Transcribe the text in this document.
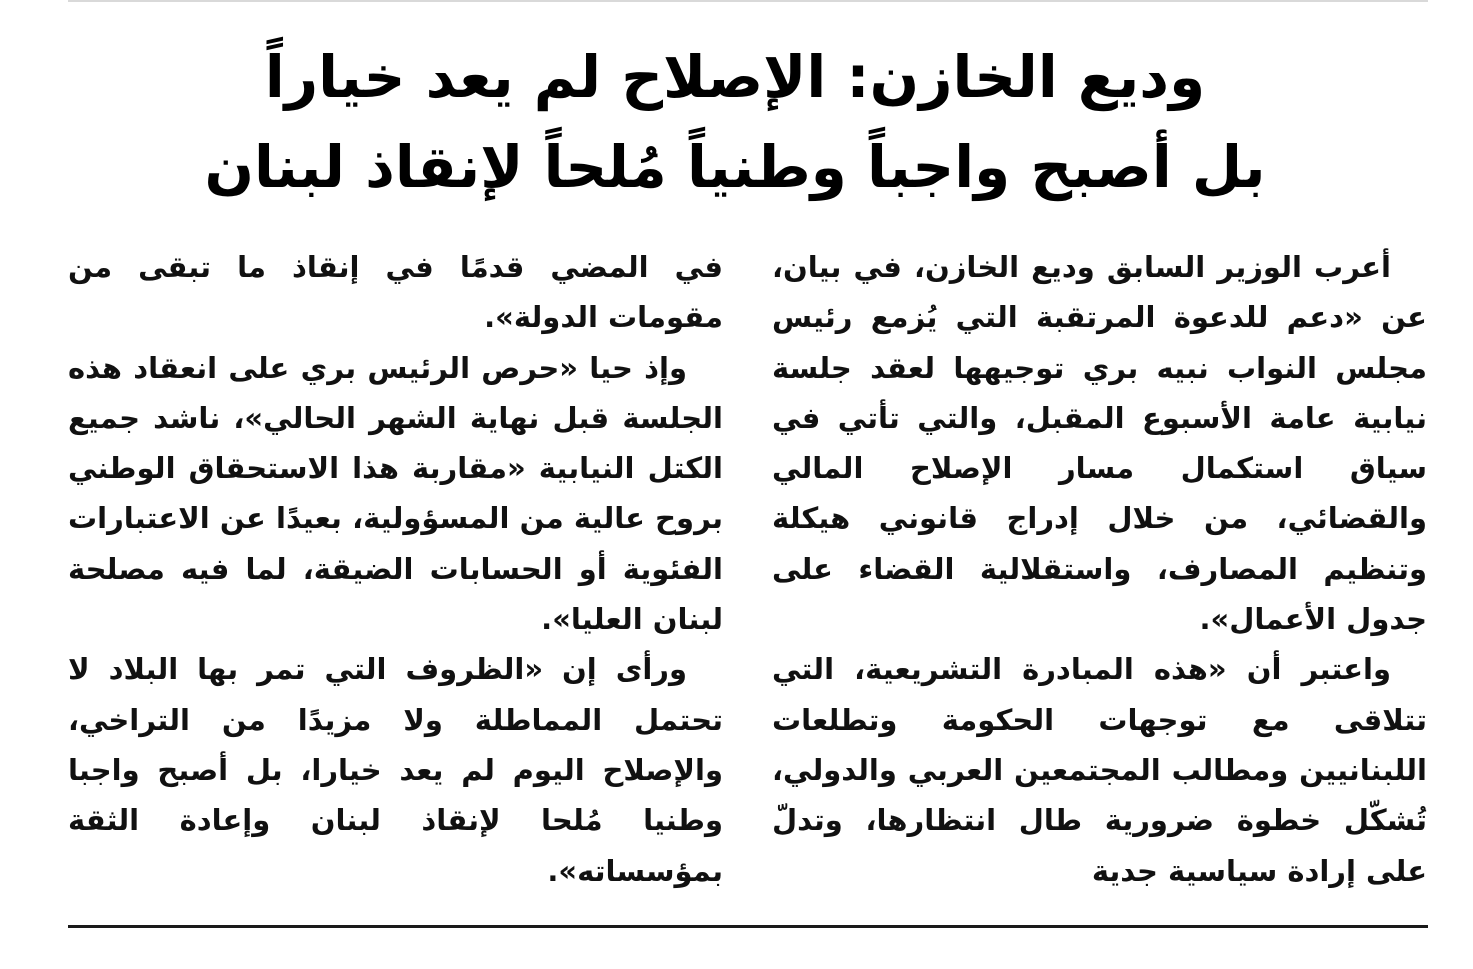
وديع الخازن: الإصلاح لم يعد خياراً
بل أصبح واجباً وطنياً مُلحاً لإنقاذ لبنان

أعرب الوزير السابق وديع الخازن، في بيان، عن «دعم للدعوة المرتقبة التي يُزمع رئيس مجلس النواب نبيه بري توجيهها لعقد جلسة نيابية عامة الأسبوع المقبل، والتي تأتي في سياق استكمال مسار الإصلاح المالي والقضائي، من خلال إدراج قانوني هيكلة وتنظيم المصارف، واستقلالية القضاء على جدول الأعمال».

واعتبر أن «هذه المبادرة التشريعية، التي تتلاقى مع توجهات الحكومة وتطلعات اللبنانيين ومطالب المجتمعين العربي والدولي، تُشكّل خطوة ضرورية طال انتظارها، وتدلّ على إرادة سياسية جدية

في المضي قدمًا في إنقاذ ما تبقى من مقومات الدولة».

وإذ حيا «حرص الرئيس بري على انعقاد هذه الجلسة قبل نهاية الشهر الحالي»، ناشد جميع الكتل النيابية «مقاربة هذا الاستحقاق الوطني بروح عالية من المسؤولية، بعيدًا عن الاعتبارات الفئوية أو الحسابات الضيقة، لما فيه مصلحة لبنان العليا».

ورأى إن «الظروف التي تمر بها البلاد لا تحتمل المماطلة ولا مزيدًا من التراخي، والإصلاح اليوم لم يعد خيارا، بل أصبح واجبا وطنيا مُلحا لإنقاذ لبنان وإعادة الثقة بمؤسساته».
